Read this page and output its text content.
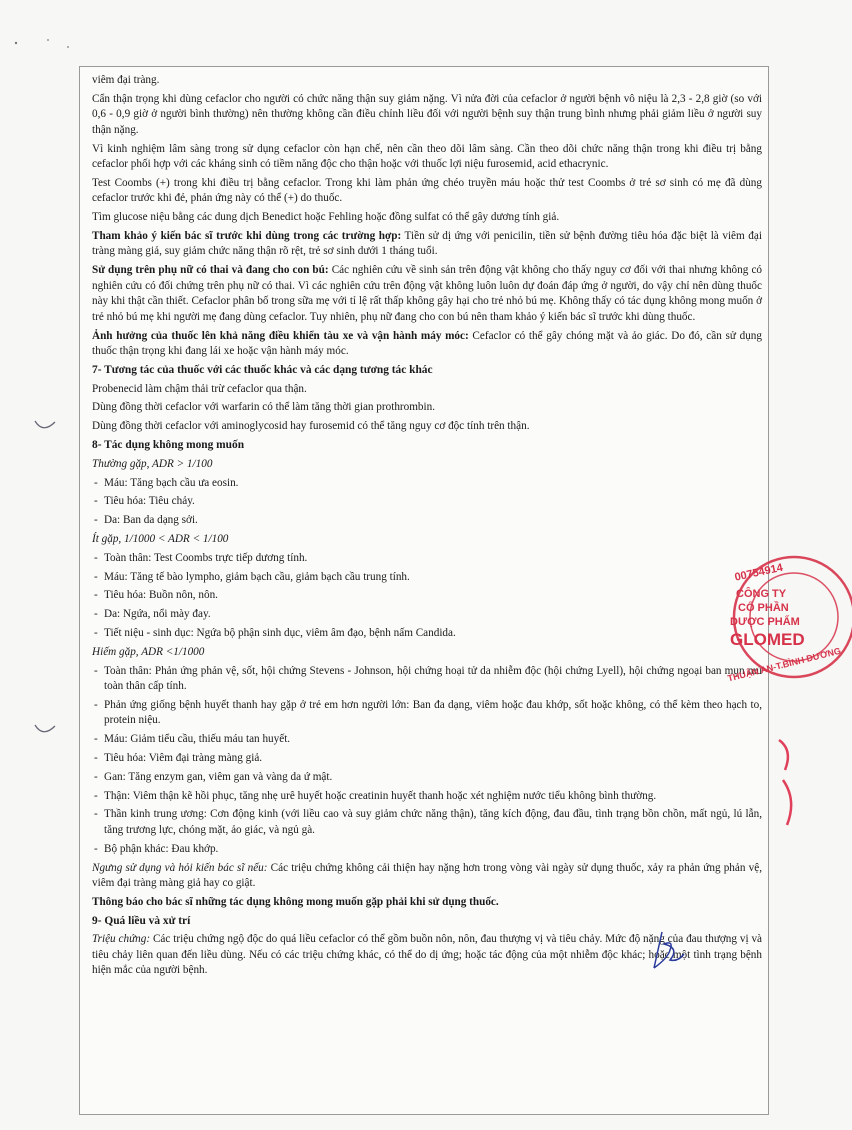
viêm đại tràng.

Cẩn thận trọng khi dùng cefaclor cho người có chức năng thận suy giảm nặng. Vì nửa đời của cefaclor ở người bệnh vô niệu là 2,3 - 2,8 giờ (so với 0,6 - 0,9 giờ ở người bình thường) nên thường không cần điều chỉnh liều đối với người bệnh suy thận trung bình nhưng phải giảm liều ở người suy thận nặng.

Vì kinh nghiệm lâm sàng trong sử dụng cefaclor còn hạn chế, nên cần theo dõi lâm sàng. Cần theo dõi chức năng thận trong khi điều trị bằng cefaclor phối hợp với các kháng sinh có tiềm năng độc cho thận hoặc với thuốc lợi niệu furosemid, acid ethacrynic.

Test Coombs (+) trong khi điều trị bằng cefaclor. Trong khi làm phản ứng chéo truyền máu hoặc thử test Coombs ở trẻ sơ sinh có mẹ đã dùng cefaclor trước khi đẻ, phản ứng này có thể (+) do thuốc.

Tìm glucose niệu bằng các dung dịch Benedict hoặc Fehling hoặc đồng sulfat có thể gây dương tính giả.

Tham khảo ý kiến bác sĩ trước khi dùng trong các trường hợp: Tiền sử dị ứng với penicilin, tiền sử bệnh đường tiêu hóa đặc biệt là viêm đại tràng màng giả, suy giảm chức năng thận rõ rệt, trẻ sơ sinh dưới 1 tháng tuổi.

Sử dụng trên phụ nữ có thai và đang cho con bú: Các nghiên cứu về sinh sản trên động vật không cho thấy nguy cơ đối với thai nhưng không có nghiên cứu có đối chứng trên phụ nữ có thai. Vì các nghiên cứu trên động vật không luôn luôn dự đoán đáp ứng ở người, do vậy chỉ nên dùng thuốc này khi thật cần thiết. Cefaclor phân bố trong sữa mẹ với tỉ lệ rất thấp không gây hại cho trẻ nhỏ bú mẹ. Không thấy có tác dụng không mong muốn ở trẻ nhỏ bú mẹ khi người mẹ đang dùng cefaclor. Tuy nhiên, phụ nữ đang cho con bú nên tham khảo ý kiến bác sĩ trước khi dùng thuốc.

Ảnh hưởng của thuốc lên khả năng điều khiển tàu xe và vận hành máy móc: Cefaclor có thể gây chóng mặt và ảo giác. Do đó, cần sử dụng thuốc thận trọng khi đang lái xe hoặc vận hành máy móc.

7- Tương tác của thuốc với các thuốc khác và các dạng tương tác khác

Probenecid làm chậm thải trừ cefaclor qua thận.

Dùng đồng thời cefaclor với warfarin có thể làm tăng thời gian prothrombin.

Dùng đồng thời cefaclor với aminoglycosid hay furosemid có thể tăng nguy cơ độc tính trên thận.

8- Tác dụng không mong muốn

Thường gặp, ADR > 1/100

- Máu: Tăng bạch cầu ưa eosin.
- Tiêu hóa: Tiêu chảy.
- Da: Ban da dạng sởi.

Ít gặp, 1/1000 < ADR < 1/100

- Toàn thân: Test Coombs trực tiếp dương tính.
- Máu: Tăng tế bào lympho, giảm bạch cầu, giảm bạch cầu trung tính.
- Tiêu hóa: Buồn nôn, nôn.
- Da: Ngứa, nổi mày đay.
- Tiết niệu - sinh dục: Ngứa bộ phận sinh dục, viêm âm đạo, bệnh nấm Candida.

Hiếm gặp, ADR <1/1000

- Toàn thân: Phản ứng phản vệ, sốt, hội chứng Stevens - Johnson, hội chứng hoại tử da nhiễm độc (hội chứng Lyell), hội chứng ngoại ban mụn mủ toàn thân cấp tính.
- Phản ứng giống bệnh huyết thanh hay gặp ở trẻ em hơn người lớn: Ban đa dạng, viêm hoặc đau khớp, sốt hoặc không, có thể kèm theo hạch to, protein niệu.
- Máu: Giảm tiểu cầu, thiếu máu tan huyết.
- Tiêu hóa: Viêm đại tràng màng giả.
- Gan: Tăng enzym gan, viêm gan và vàng da ứ mật.
- Thận: Viêm thận kẽ hồi phục, tăng nhẹ urê huyết hoặc creatinin huyết thanh hoặc xét nghiệm nước tiểu không bình thường.
- Thần kinh trung ương: Cơn động kinh (với liều cao và suy giảm chức năng thận), tăng kích động, đau đầu, tình trạng bồn chồn, mất ngủ, lú lẫn, tăng trương lực, chóng mặt, ảo giác, và ngủ gà.
- Bộ phận khác: Đau khớp.

Ngưng sử dụng và hỏi kiến bác sĩ nếu: Các triệu chứng không cải thiện hay nặng hơn trong vòng vài ngày sử dụng thuốc, xảy ra phản ứng phản vệ, viêm đại tràng màng giả hay co giật.

Thông báo cho bác sĩ những tác dụng không mong muốn gặp phải khi sử dụng thuốc.

9- Quá liều và xử trí

Triệu chứng: Các triệu chứng ngộ độc do quá liều cefaclor có thể gồm buồn nôn, nôn, đau thượng vị và tiêu chảy. Mức độ nặng của đau thượng vị và tiêu chảy liên quan đến liều dùng. Nếu có các triệu chứng khác, có thể do dị ứng; hoặc tác động của một nhiễm độc khác; hoặc một tình trạng bệnh hiện mắc của người bệnh.

00754914
CÔNG TY
CỔ PHẦN
DƯỢC PHẨM
GLOMED
THUẬN AN-T.BÌNH DƯƠNG
